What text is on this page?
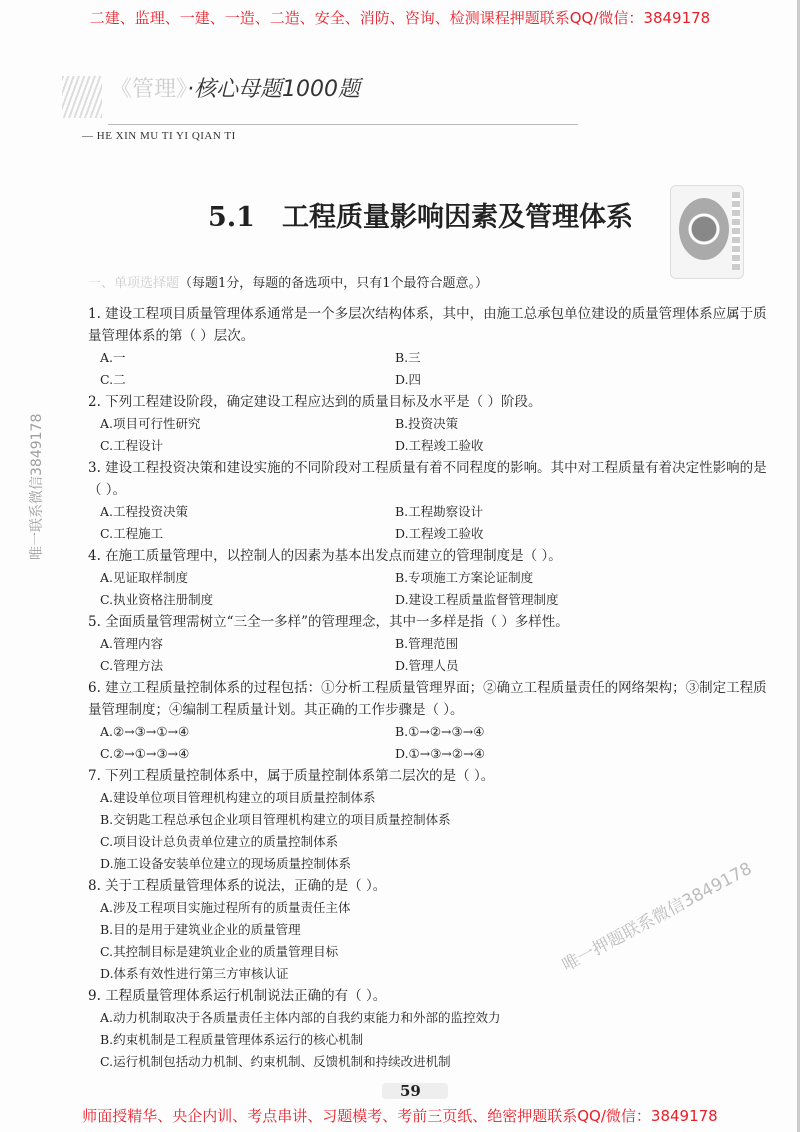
二建、监理、一建、一造、二造、安全、消防、咨询、检测课程押题联系QQ/微信：3849178
《管理》·核心母题1000题
— HE XIN MU TI YI QIAN TI
5.1　工程质量影响因素及管理体系
一、单项选择题（每题1分，每题的备选项中，只有1个最符合题意。）

1. 建设工程项目质量管理体系通常是一个多层次结构体系，其中，由施工总承包单位建设的质量管理体系应属于质量管理体系的第（ ）层次。

A.一	B.三
C.二	D.四

2. 下列工程建设阶段，确定建设工程应达到的质量目标及水平是（ ）阶段。

A.项目可行性研究	B.投资决策
C.工程设计	D.工程竣工验收

3. 建设工程投资决策和建设实施的不同阶段对工程质量有着不同程度的影响。其中对工程质量有着决定性影响的是（ ）。

A.工程投资决策	B.工程勘察设计
C.工程施工	D.工程竣工验收

4. 在施工质量管理中，以控制人的因素为基本出发点而建立的管理制度是（ ）。

A.见证取样制度	B.专项施工方案论证制度
C.执业资格注册制度	D.建设工程质量监督管理制度

5. 全面质量管理需树立“三全一多样”的管理理念，其中一多样是指（ ）多样性。

A.管理内容	B.管理范围
C.管理方法	D.管理人员

6. 建立工程质量控制体系的过程包括：①分析工程质量管理界面；②确立工程质量责任的网络架构；③制定工程质量管理制度；④编制工程质量计划。其正确的工作步骤是（ ）。

A.②→③→①→④	B.①→②→③→④
C.②→①→③→④	D.①→③→②→④

7. 下列工程质量控制体系中，属于质量控制体系第二层次的是（ ）。

A.建设单位项目管理机构建立的项目质量控制体系
B.交钥匙工程总承包企业项目管理机构建立的项目质量控制体系
C.项目设计总负责单位建立的质量控制体系
D.施工设备安装单位建立的现场质量控制体系

8. 关于工程质量管理体系的说法，正确的是（ ）。

A.涉及工程项目实施过程所有的质量责任主体
B.目的是用于建筑业企业的质量管理
C.其控制目标是建筑业企业的质量管理目标
D.体系有效性进行第三方审核认证

9. 工程质量管理体系运行机制说法正确的有（ ）。

A.动力机制取决于各质量责任主体内部的自我约束能力和外部的监控效力
B.约束机制是工程质量管理体系运行的核心机制
C.运行机制包括动力机制、约束机制、反馈机制和持续改进机制
唯一联系微信3849178
唯一押题联系微信3849178
59
师面授精华、央企内训、考点串讲、习题模考、考前三页纸、绝密押题联系QQ/微信：3849178
